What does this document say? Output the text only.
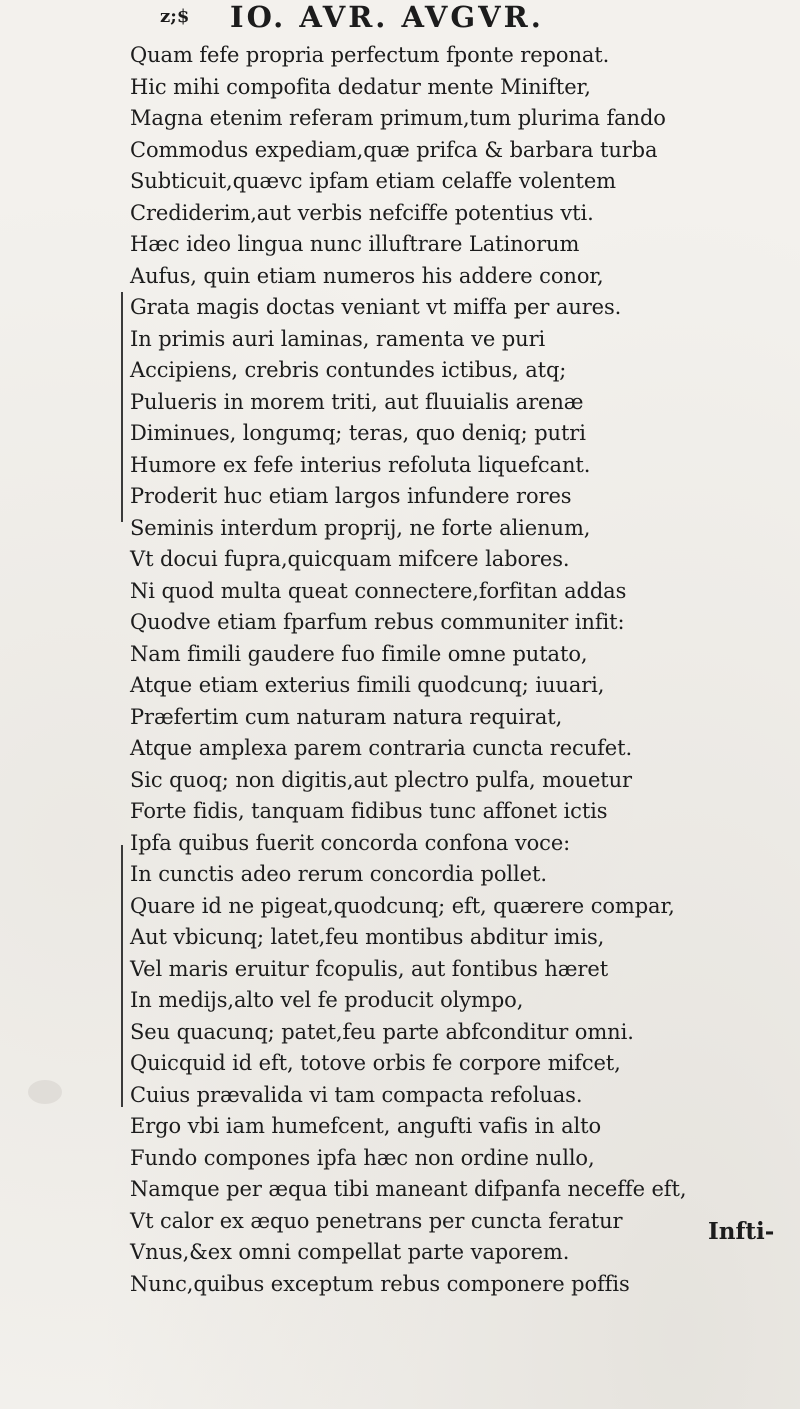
z;$ IO. AVR. AVGVR.
Quam fefe propria perfectum fponte reponat.
Hic mihi compofita dedatur mente Minifter,
Magna etenim referam primum,tum plurima fando
Commodus expediam,quæ prifca & barbara turba
Subticuit,quævc ipfam etiam celaffe volentem
Crediderim,aut verbis nefciffe potentius vti.
Hæc ideo lingua nunc illuftrare Latinorum
Aufus, quin etiam numeros his addere conor,
Grata magis doctas veniant vt miffa per aures.
In primis auri laminas, ramenta ve puri
Accipiens, crebris contundes ictibus, atq;
Pulueris in morem triti, aut fluuialis arenæ
Diminues, longumq; teras, quo deniq; putri
Humore ex fefe interius refoluta liquefcant.
Proderit huc etiam largos infundere rores
Seminis interdum proprij, ne forte alienum,
Vt docui fupra,quicquam mifcere labores.
Ni quod multa queat connectere,forfitan addas
Quodve etiam fparfum rebus communiter infit:
Nam fimili gaudere fuo fimile omne putato,
Atque etiam exterius fimili quodcunq; iuuari,
Præfertim cum naturam natura requirat,
Atque amplexa parem contraria cuncta recufet.
Sic quoq; non digitis,aut plectro pulfa, mouetur
Forte fidis, tanquam fidibus tunc affonet ictis
Ipfa quibus fuerit concorda confona voce:
In cunctis adeo rerum concordia pollet.
Quare id ne pigeat,quodcunq; eft, quærere compar,
Aut vbicunq; latet,feu montibus abditur imis,
Vel maris eruitur fcopulis, aut fontibus hæret
In medijs,alto vel fe producit olympo,
Seu quacunq; patet,feu parte abfconditur omni.
Quicquid id eft, totove orbis fe corpore mifcet,
Cuius prævalida vi tam compacta refoluas.
Ergo vbi iam humefcent, angufti vafis in alto
Fundo compones ipfa hæc non ordine nullo,
Namque per æqua tibi maneant difpanfa neceffe eft,
Vt calor ex æquo penetrans per cuncta feratur
Vnus,&ex omni compellat parte vaporem.
Nunc,quibus exceptum rebus componere poffis
Infti-
